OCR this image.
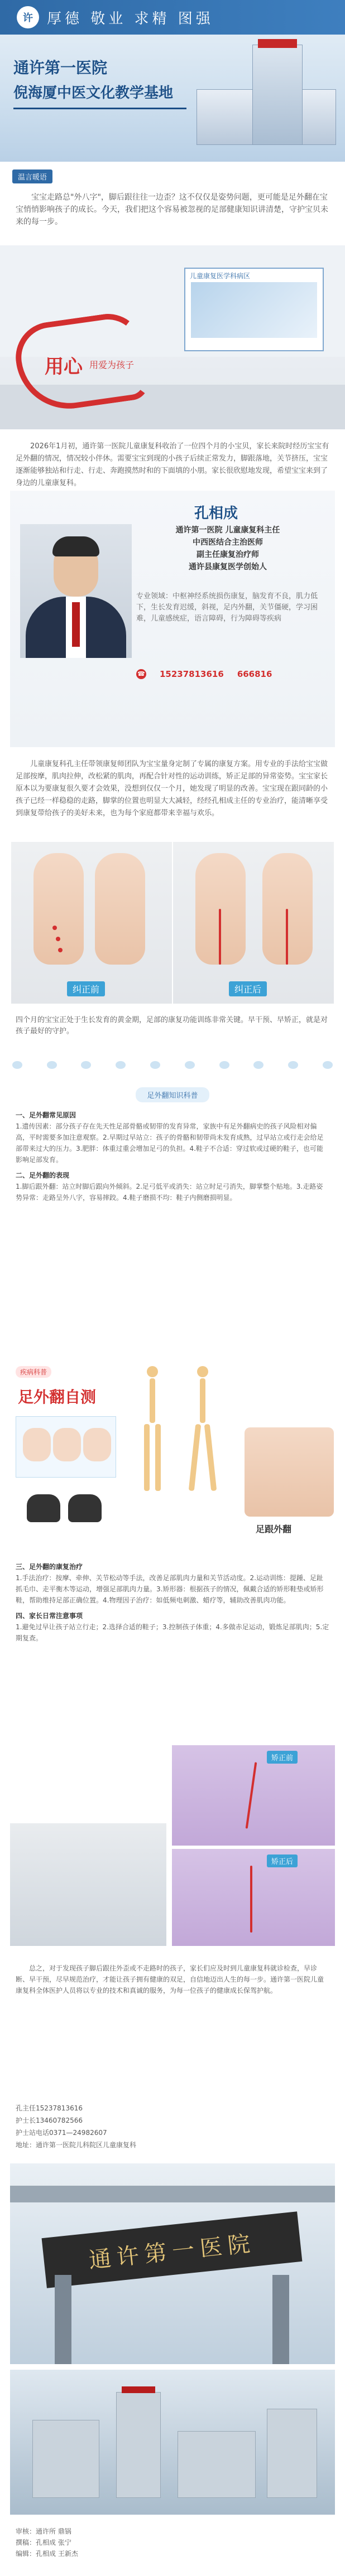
许 厚德 敬业 求精 图强
通许第一医院
倪海厦中医文化教学基地
温言暖语
宝宝走路总"外八字"，脚后跟往往一边歪？这不仅仅是姿势问题，更可能是足外翻在宝宝悄悄影响孩子的成长。今天，我们把这个容易被忽视的足部健康知识讲清楚，守护宝贝未来的每一步。
儿童康复医学科病区
用心 用爱为孩子
2026年1月初，通许第一医院儿童康复科收治了一位四个月的小宝贝，家长来院时经历宝宝有足外翻的情况，情况较小伴休。需要宝宝到现的小孩子后续正常发力，脚跟落地，关节挤压，宝宝逐渐能够独站和行走、行走、奔跑摸然时和的下面填的小朋。家长很欣慰地发现，希望宝宝来到了身边的儿童康复科。
孔相成
通许第一医院 儿童康复科主任
中西医结合主治医师
副主任康复治疗师
通许县康复医学创始人
专业领域：中枢神经系统损伤康复，脑发育不良，肌力低下，生长发育迟缓，斜视，足内外翻，关节僵硬，学习困难，儿童感统症，语言障碍，行为障碍等疾病
☎ 15237813616 666816
儿童康复科孔主任带领康复师团队为宝宝量身定制了专属的康复方案。用专业的手法给宝宝做足部按摩，肌肉拉伸，改松紧的肌肉，再配合针对性的运动训练，矫正足部的异常姿势。宝宝家长原本以为要康复很久要才会效果，没想到仅仅一个月，她发现了明显的改善。宝宝现在跟同龄的小孩子已经一样稳稳的走路，脚掌的位置也明显大大减轻，经经孔相成主任的专业治疗，能清晰享受到康复带给孩子的美好未来，也为每个家庭都带来幸福与欢乐。
纠正前	纠正后
四个月的宝宝正处于生长发育的黄金期，足部的康复功能训练非常关键。早干预、早矫正，就是对孩子最好的守护。
足外翻知识科普
一、足外翻常见原因
1.遗传因素：部分孩子存在先天性足部骨骼或韧带的发育异常，家族中有足外翻病史的孩子风险相对偏高，平时需要多加注意观察。2.早期过早站立：孩子的骨骼和韧带尚未发育成熟，过早站立或行走会给足部带来过大的压力。3.肥胖：体重过重会增加足弓的负担。4.鞋子不合适：穿过软或过硬的鞋子，也可能影响足部发育。
二、足外翻的表现
1.脚后跟外翻：站立时脚后跟向外倾斜。2.足弓低平或消失：站立时足弓消失，脚掌整个贴地。3.走路姿势异常：走路呈外八字，容易摔跤。4.鞋子磨损不均：鞋子内侧磨损明显。
疾病科普
足外翻自测
足跟外翻
三、足外翻的康复治疗
1.手法治疗：按摩、牵伸、关节松动等手法，改善足部肌肉力量和关节活动度。2.运动训练：提踵、足趾抓毛巾、走平衡木等运动，增强足部肌肉力量。3.矫形器：根据孩子的情况，佩戴合适的矫形鞋垫或矫形鞋，帮助维持足部正确位置。4.物理因子治疗：如低频电刺激、蜡疗等，辅助改善肌肉功能。
四、家长日常注意事项
1.避免过早让孩子站立行走；2.选择合适的鞋子；3.控制孩子体重；4.多做赤足运动，锻炼足部肌肉；5.定期复查。
矫正前
矫正后
总之，对于发现孩子脚后跟往外歪或不走路时的孩子，家长们应及时到儿童康复科就诊检查，早诊断、早干预，尽早规范治疗，才能让孩子拥有健康的双足，自信地迈出人生的每一步。通许第一医院儿童康复科全体医护人员将以专业的技术和真诚的服务，为每一位孩子的健康成长保驾护航。
孔主任15237813616
护士长13460782566
护士站电话0371—24982607
地址：通许第一医院儿科院区儿童康复科
通许第一医院
审核：通许所 鼎锅
撰稿：孔相成 张宁
编辑：孔相成 王新杰
